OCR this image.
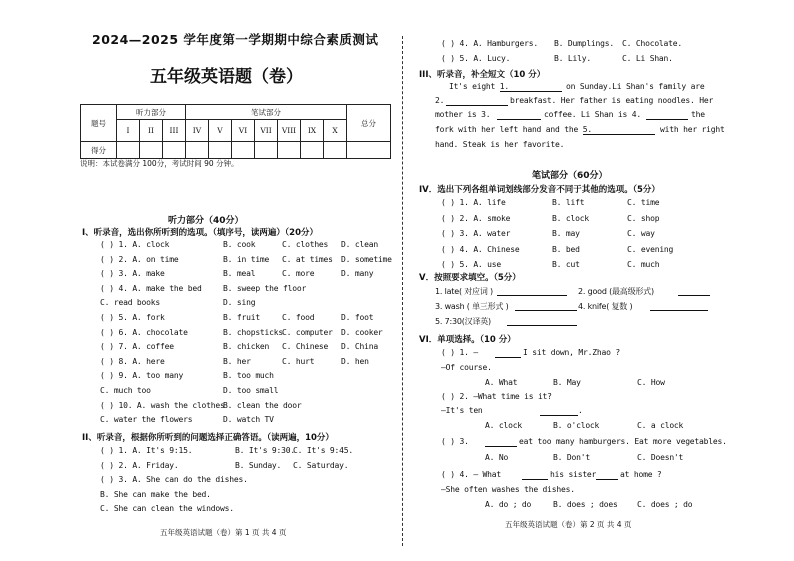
2024—2025 学年度第一学期期中综合素质测试
五年级英语题（卷）
题号	听力部分			笔试部分							总分
	I	II	III	IV	V	VI	VII	VIII	IX	X	
得分											
说明：本试卷满分 100分，考试时间 90 分钟。
听力部分（40分）
I、听录音，选出你所听到的选项。（填序号，读两遍）（20分）
( ) 1. A. clock	B. cook	C. clothes D. clean
( ) 2. A. on time	B. in time C. at times D. sometime
( ) 3. A. make	B. meal	C. more	D. many
( ) 4. A. make the bed	B. sweep the floor
C. read books	D. sing
( ) 5. A. fork	B. fruit	C. food	D. foot
( ) 6. A. chocolate	B. chopsticks
C. computer D. cooker
( ) 7. A. coffee	B. chicken C. Chinese D. China
( ) 8. A. here	B. her	C. hurt	D. hen
( ) 9. A. too many	B. too much
C. much too	D. too small
( ) 10. A. wash the clothes
B. clean the door
C. water the flowers	D. watch TV
II、听录音，根据你所听到的问题选择正确答语。（读两遍，10分）
( ) 1. A. It's 9:15.	B. It's 9:30.
C. It's 9:45.
( ) 2. A. Friday.	B. Sunday. C. Saturday.
( ) 3. A. She can do the dishes.
B. She can make the bed.
C. She can clean the windows.
五年级英语试题（卷）第 1 页 共 4 页
( ) 4. A. Hamburgers. B. Dumplings. C. Chocolate.
( ) 5. A. Lucy.	B. Lily.	C. Li Shan.
III、听录音，补全短文（10 分）
It's eight 1.	on Sunday.Li Shan's family are
2.	breakfast. Her father is eating noodles. Her
mother is 3.	coffee. Li Shan is 4.	the
fork with her left hand and the 5.	with her right
hand. Steak is her favorite.
笔试部分（60分）
IV．选出下列各组单词划线部分发音不同于其他的选项。（5分）
( ) 1. A. life	B. lift	C. time
( ) 2. A. smoke	B. clock	C. shop
( ) 3. A. water	B. may	C. way
( ) 4. A. Chinese	B. bed	C. evening
( ) 5. A. use	B. cut	C. much
V．按照要求填空。（5分）
1. late( 对应词 )	2. good (最高级形式)
3. wash ( 单三形式 )	4. knife( 复数 )
5. 7:30(汉译英)
VI．单项选择。（10 分）
( ) 1. —	I sit down, Mr.Zhao ?
—Of course.
A. What	B. May	C. How
( ) 2. —What time is it?
—It's ten	.
A. clock	B. o'clock	C. a clock
( ) 3.	eat too many hamburgers. Eat more vegetables.
A. No	B. Don't	C. Doesn't
( ) 4. — What	his sister	at home ?
—She often washes the dishes.
A. do ; do	B. does ; does C. does ; do
五年级英语试题（卷）第 2 页 共 4 页
